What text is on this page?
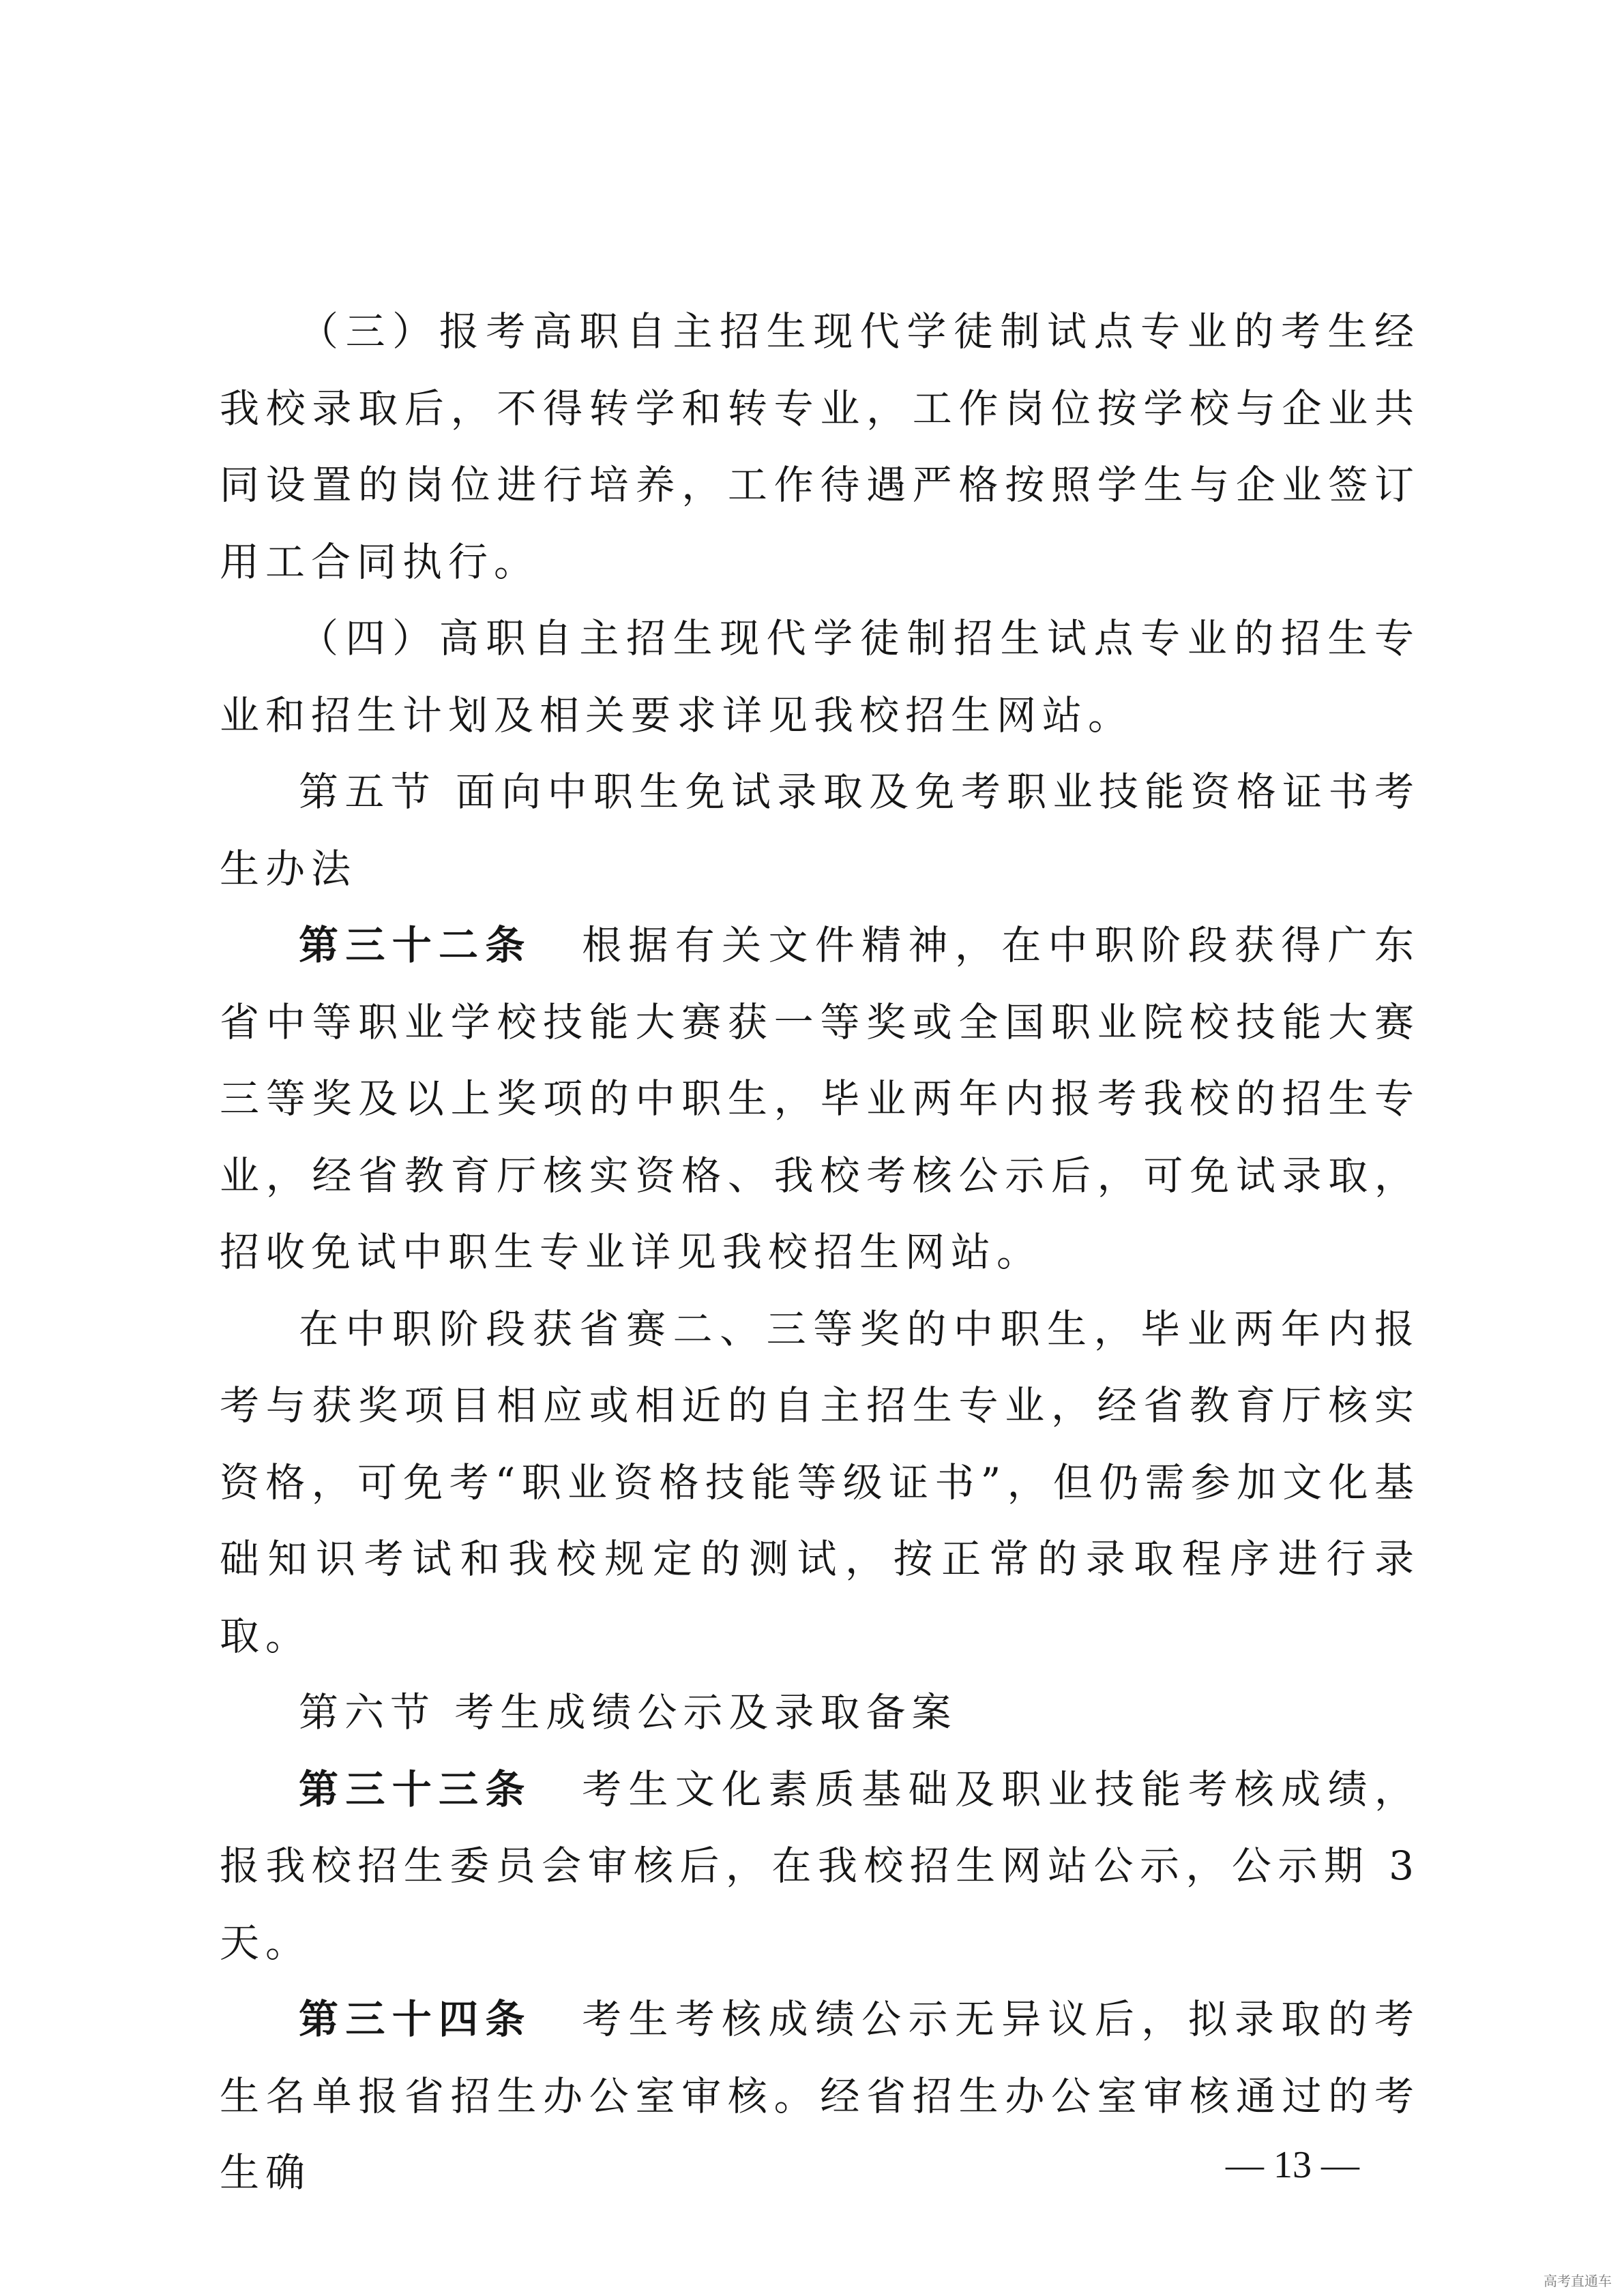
（三）报考高职自主招生现代学徒制试点专业的考生经我校录取后，不得转学和转专业，工作岗位按学校与企业共同设置的岗位进行培养，工作待遇严格按照学生与企业签订用工合同执行。

（四）高职自主招生现代学徒制招生试点专业的招生专业和招生计划及相关要求详见我校招生网站。

第五节 面向中职生免试录取及免考职业技能资格证书考生办法

第三十二条 根据有关文件精神，在中职阶段获得广东省中等职业学校技能大赛获一等奖或全国职业院校技能大赛三等奖及以上奖项的中职生，毕业两年内报考我校的招生专业，经省教育厅核实资格、我校考核公示后，可免试录取，招收免试中职生专业详见我校招生网站。

在中职阶段获省赛二、三等奖的中职生，毕业两年内报考与获奖项目相应或相近的自主招生专业，经省教育厅核实资格，可免考“职业资格技能等级证书”，但仍需参加文化基础知识考试和我校规定的测试，按正常的录取程序进行录取。

第六节 考生成绩公示及录取备案

第三十三条 考生文化素质基础及职业技能考核成绩，报我校招生委员会审核后，在我校招生网站公示，公示期 3 天。

第三十四条 考生考核成绩公示无异议后，拟录取的考生名单报省招生办公室审核。经省招生办公室审核通过的考生确	— 13 —
高考直通车
